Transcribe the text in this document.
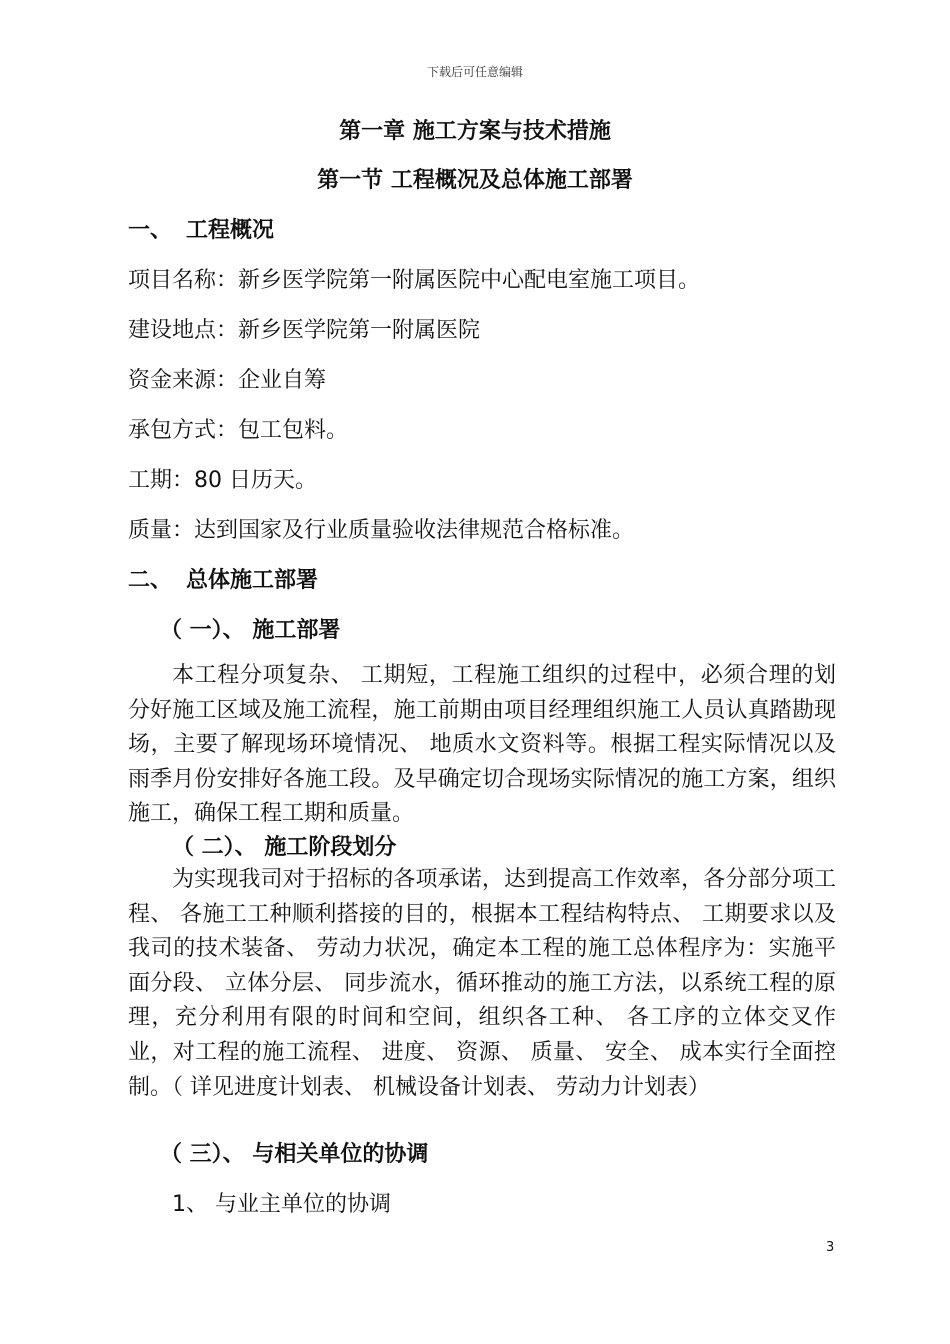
下载后可任意编辑
第一章 施工方案与技术措施
第一节 工程概况及总体施工部署
一、 工程概况
项目名称：新乡医学院第一附属医院中心配电室施工项目。
建设地点：新乡医学院第一附属医院
资金来源：企业自筹
承包方式：包工包料。
工期：80 日历天。
质量：达到国家及行业质量验收法律规范合格标准。
二、 总体施工部署
（ 一）、 施工部署

本工程分项复杂、 工期短，工程施工组织的过程中，必须合理的划分好施工区域及施工流程，施工前期由项目经理组织施工人员认真踏勘现场，主要了解现场环境情况、 地质水文资料等。根据工程实际情况以及雨季月份安排好各施工段。及早确定切合现场实际情况的施工方案，组织施工，确保工程工期和质量。

（ 二）、 施工阶段划分

为实现我司对于招标的各项承诺，达到提高工作效率，各分部分项工程、 各施工工种顺利搭接的目的，根据本工程结构特点、 工期要求以及我司的技术装备、 劳动力状况，确定本工程的施工总体程序为：实施平面分段、 立体分层、 同步流水，循环推动的施工方法，以系统工程的原理，充分利用有限的时间和空间，组织各工种、 各工序的立体交叉作业，对工程的施工流程、 进度、 资源、 质量、 安全、 成本实行全面控制。（ 详见进度计划表、 机械设备计划表、 劳动力计划表）

（ 三）、 与相关单位的协调
1、 与业主单位的协调
3
